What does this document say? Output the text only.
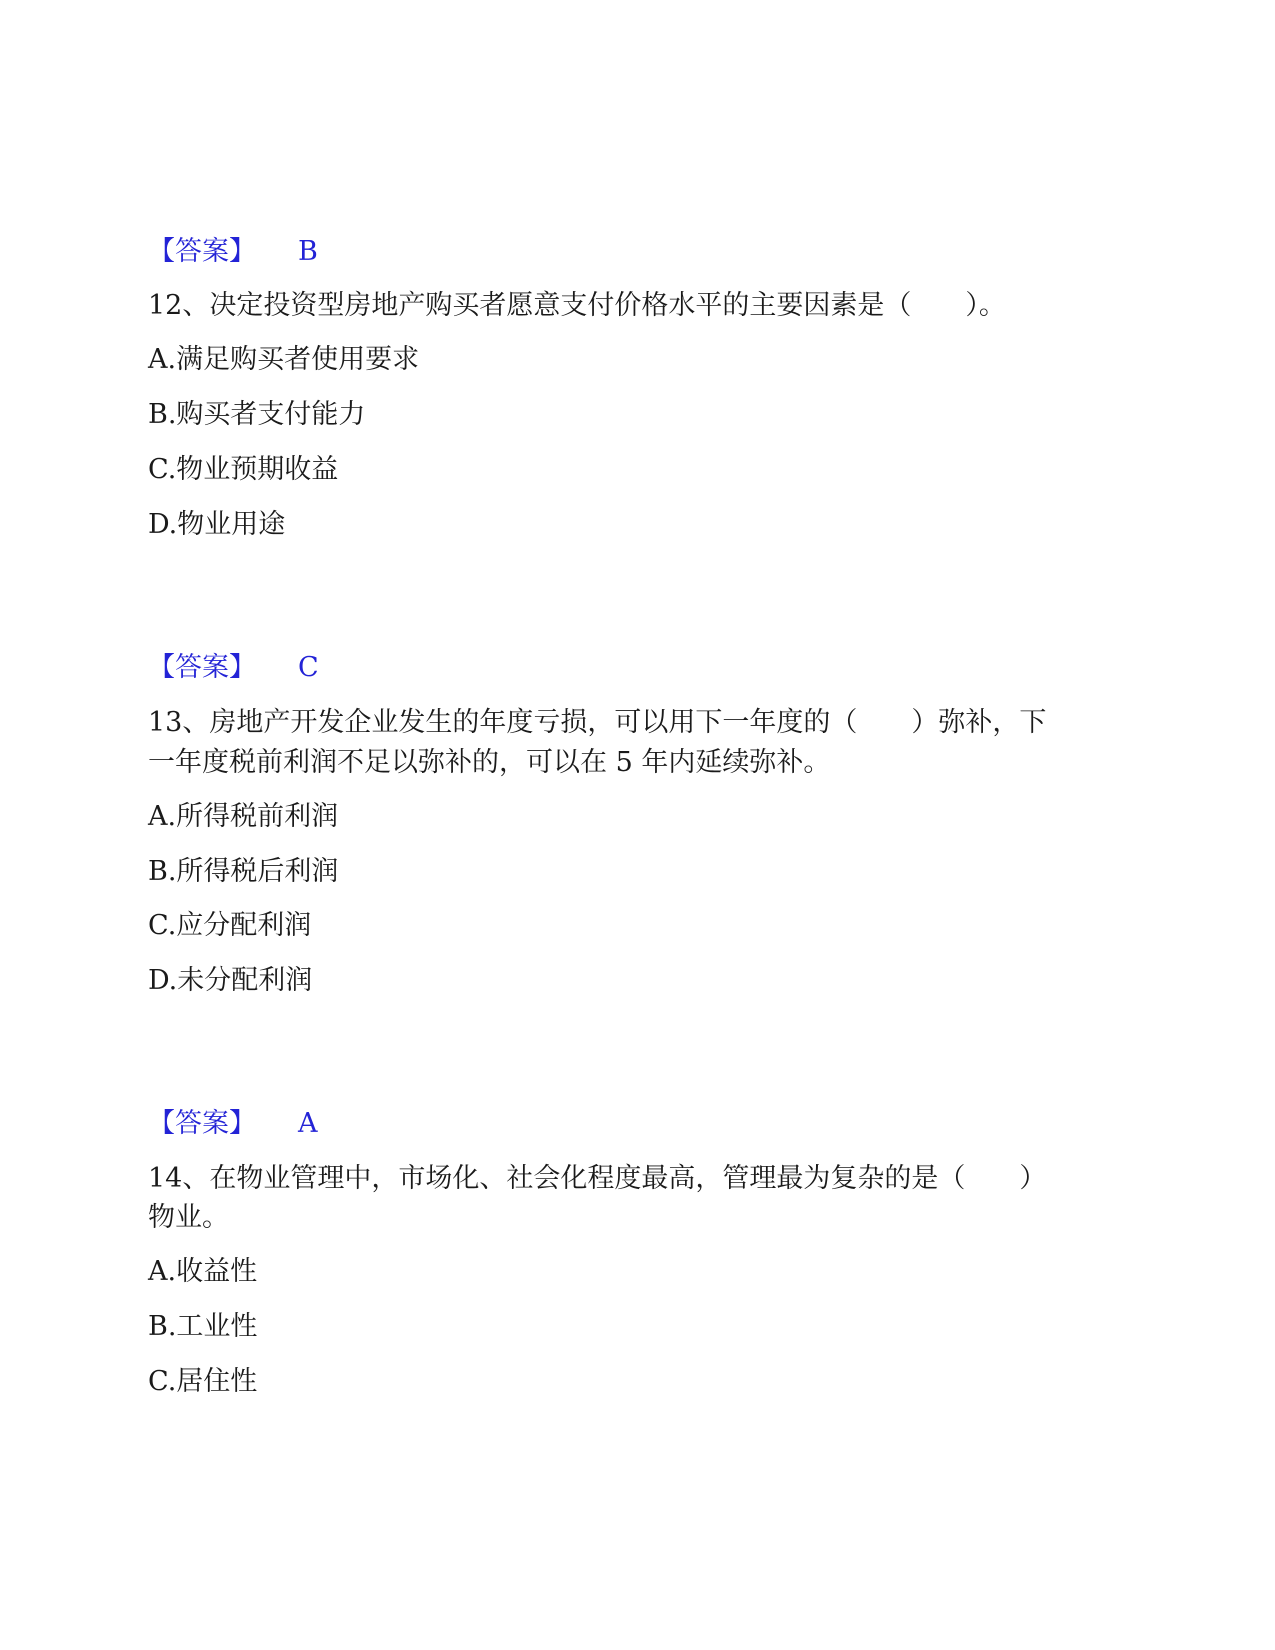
【答案】 B
12、决定投资型房地产购买者愿意支付价格水平的主要因素是（　　）。
A.满足购买者使用要求
B.购买者支付能力
C.物业预期收益
D.物业用途
【答案】 C
13、房地产开发企业发生的年度亏损，可以用下一年度的（　　）弥补，下
一年度税前利润不足以弥补的，可以在 5 年内延续弥补。
A.所得税前利润
B.所得税后利润
C.应分配利润
D.未分配利润
【答案】 A
14、在物业管理中，市场化、社会化程度最高，管理最为复杂的是（　　）
物业。
A.收益性
B.工业性
C.居住性
